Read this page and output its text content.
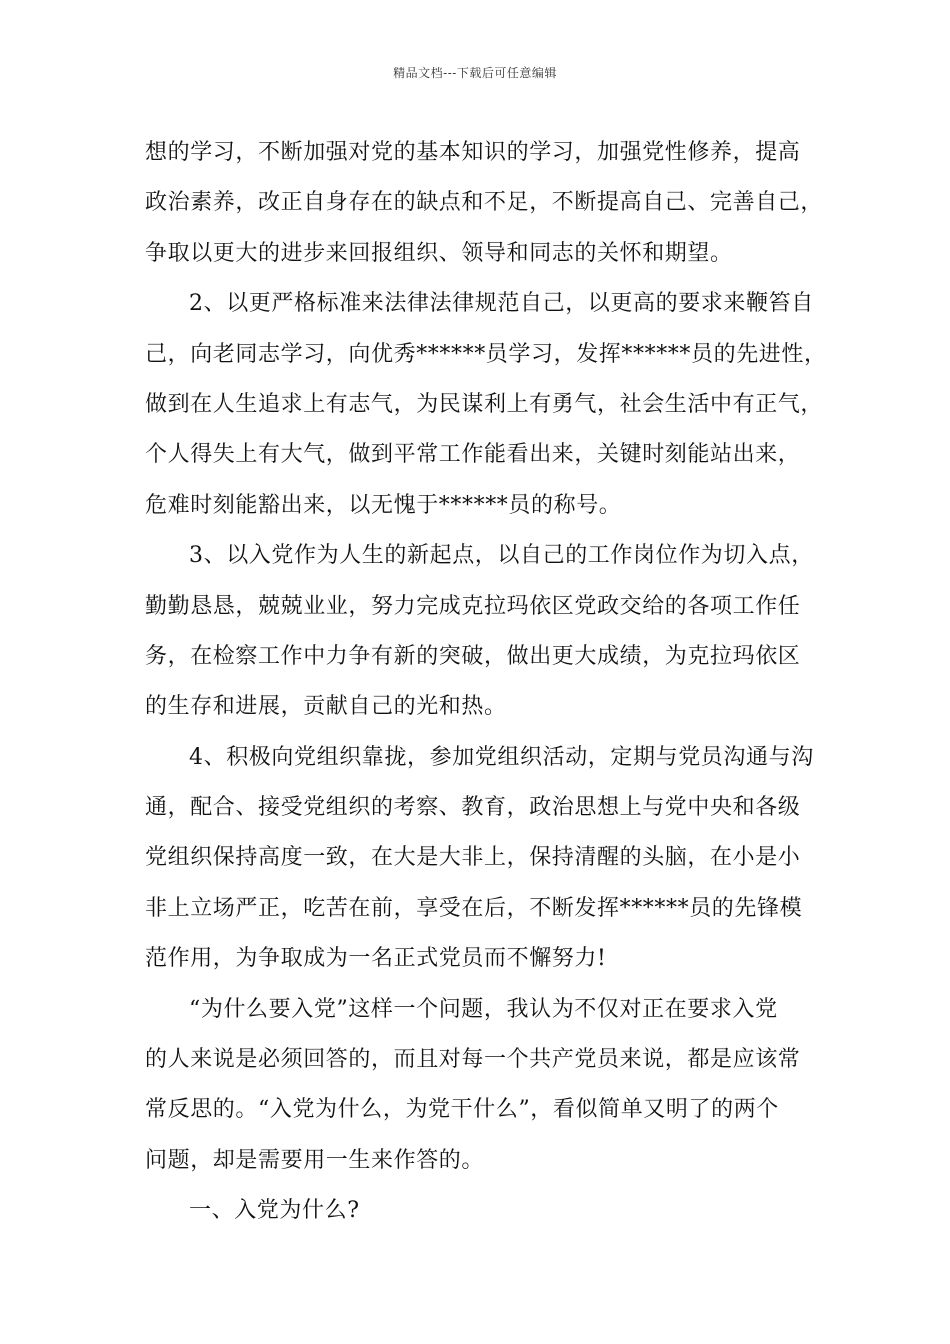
精品文档---下载后可任意编辑
想的学习，不断加强对党的基本知识的学习，加强党性修养，提高
政治素养，改正自身存在的缺点和不足，不断提高自己、完善自己，
争取以更大的进步来回报组织、领导和同志的关怀和期望。
2、以更严格标准来法律法律规范自己，以更高的要求来鞭笞自
己，向老同志学习，向优秀******员学习，发挥******员的先进性，
做到在人生追求上有志气，为民谋利上有勇气，社会生活中有正气，
个人得失上有大气，做到平常工作能看出来，关键时刻能站出来，
危难时刻能豁出来，以无愧于******员的称号。
3、以入党作为人生的新起点，以自己的工作岗位作为切入点，
勤勤恳恳，兢兢业业，努力完成克拉玛依区党政交给的各项工作任
务，在检察工作中力争有新的突破，做出更大成绩，为克拉玛依区
的生存和进展，贡献自己的光和热。
4、积极向党组织靠拢，参加党组织活动，定期与党员沟通与沟
通，配合、接受党组织的考察、教育，政治思想上与党中央和各级
党组织保持高度一致，在大是大非上，保持清醒的头脑，在小是小
非上立场严正，吃苦在前，享受在后，不断发挥******员的先锋模
范作用，为争取成为一名正式党员而不懈努力!
“为什么要入党”这样一个问题，我认为不仅对正在要求入党
的人来说是必须回答的，而且对每一个共产党员来说，都是应该常
常反思的。“入党为什么，为党干什么”，看似简单又明了的两个
问题，却是需要用一生来作答的。
一、入党为什么?
